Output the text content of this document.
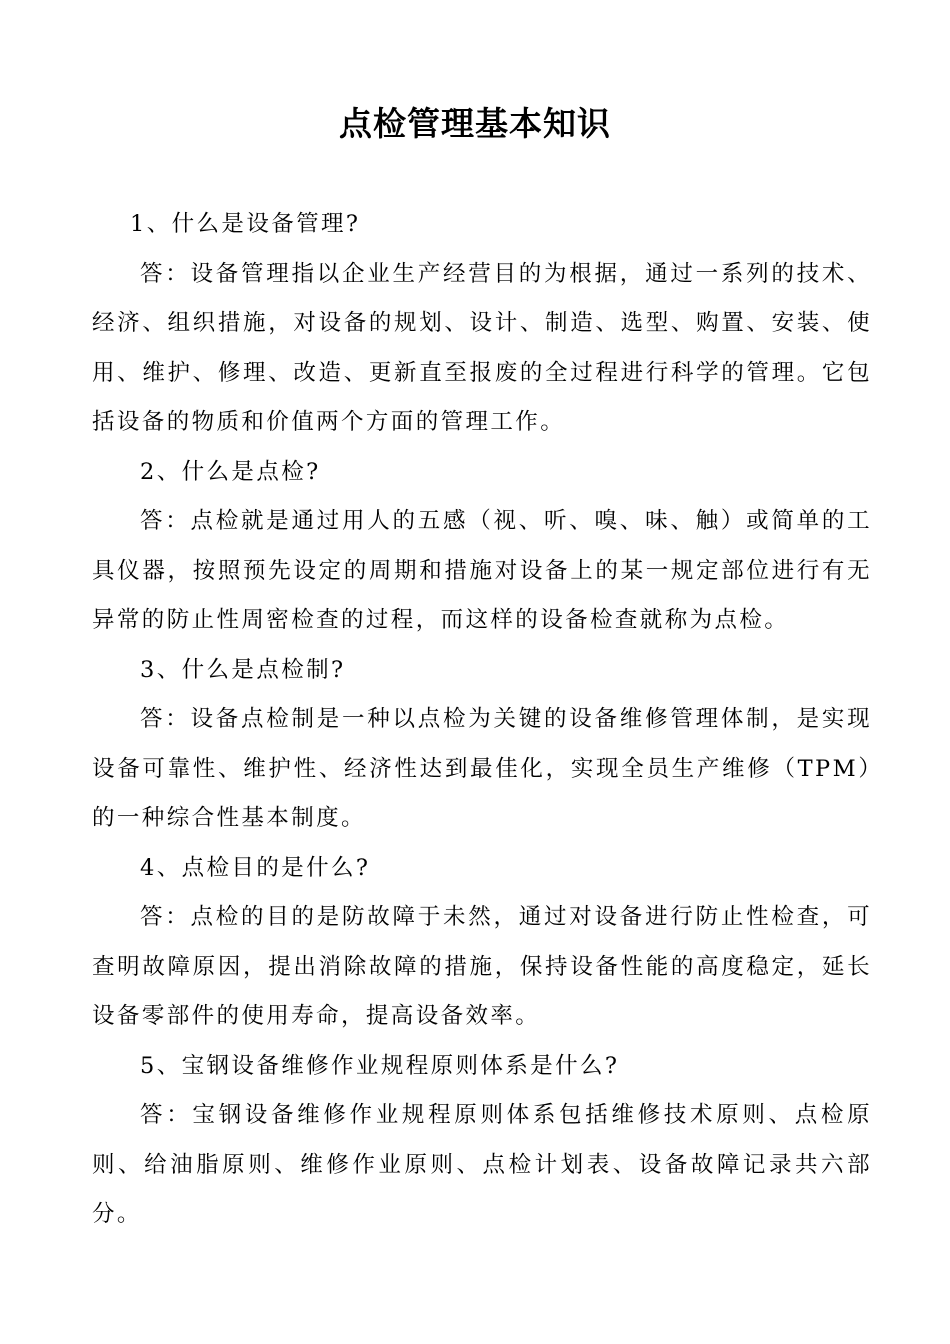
点检管理基本知识

1、什么是设备管理?

答：设备管理指以企业生产经营目的为根据，通过一系列的技术、经济、组织措施，对设备的规划、设计、制造、选型、购置、安装、使用、维护、修理、改造、更新直至报废的全过程进行科学的管理。它包括设备的物质和价值两个方面的管理工作。

2、什么是点检?

答：点检就是通过用人的五感（视、听、嗅、味、触）或简单的工具仪器，按照预先设定的周期和措施对设备上的某一规定部位进行有无异常的防止性周密检查的过程，而这样的设备检查就称为点检。

3、什么是点检制?

答：设备点检制是一种以点检为关键的设备维修管理体制，是实现设备可靠性、维护性、经济性达到最佳化，实现全员生产维修（TPM）的一种综合性基本制度。

4、点检目的是什么?

答：点检的目的是防故障于未然，通过对设备进行防止性检查，可查明故障原因，提出消除故障的措施，保持设备性能的高度稳定，延长设备零部件的使用寿命，提高设备效率。

5、宝钢设备维修作业规程原则体系是什么?

答：宝钢设备维修作业规程原则体系包括维修技术原则、点检原则、给油脂原则、维修作业原则、点检计划表、设备故障记录共六部分。
